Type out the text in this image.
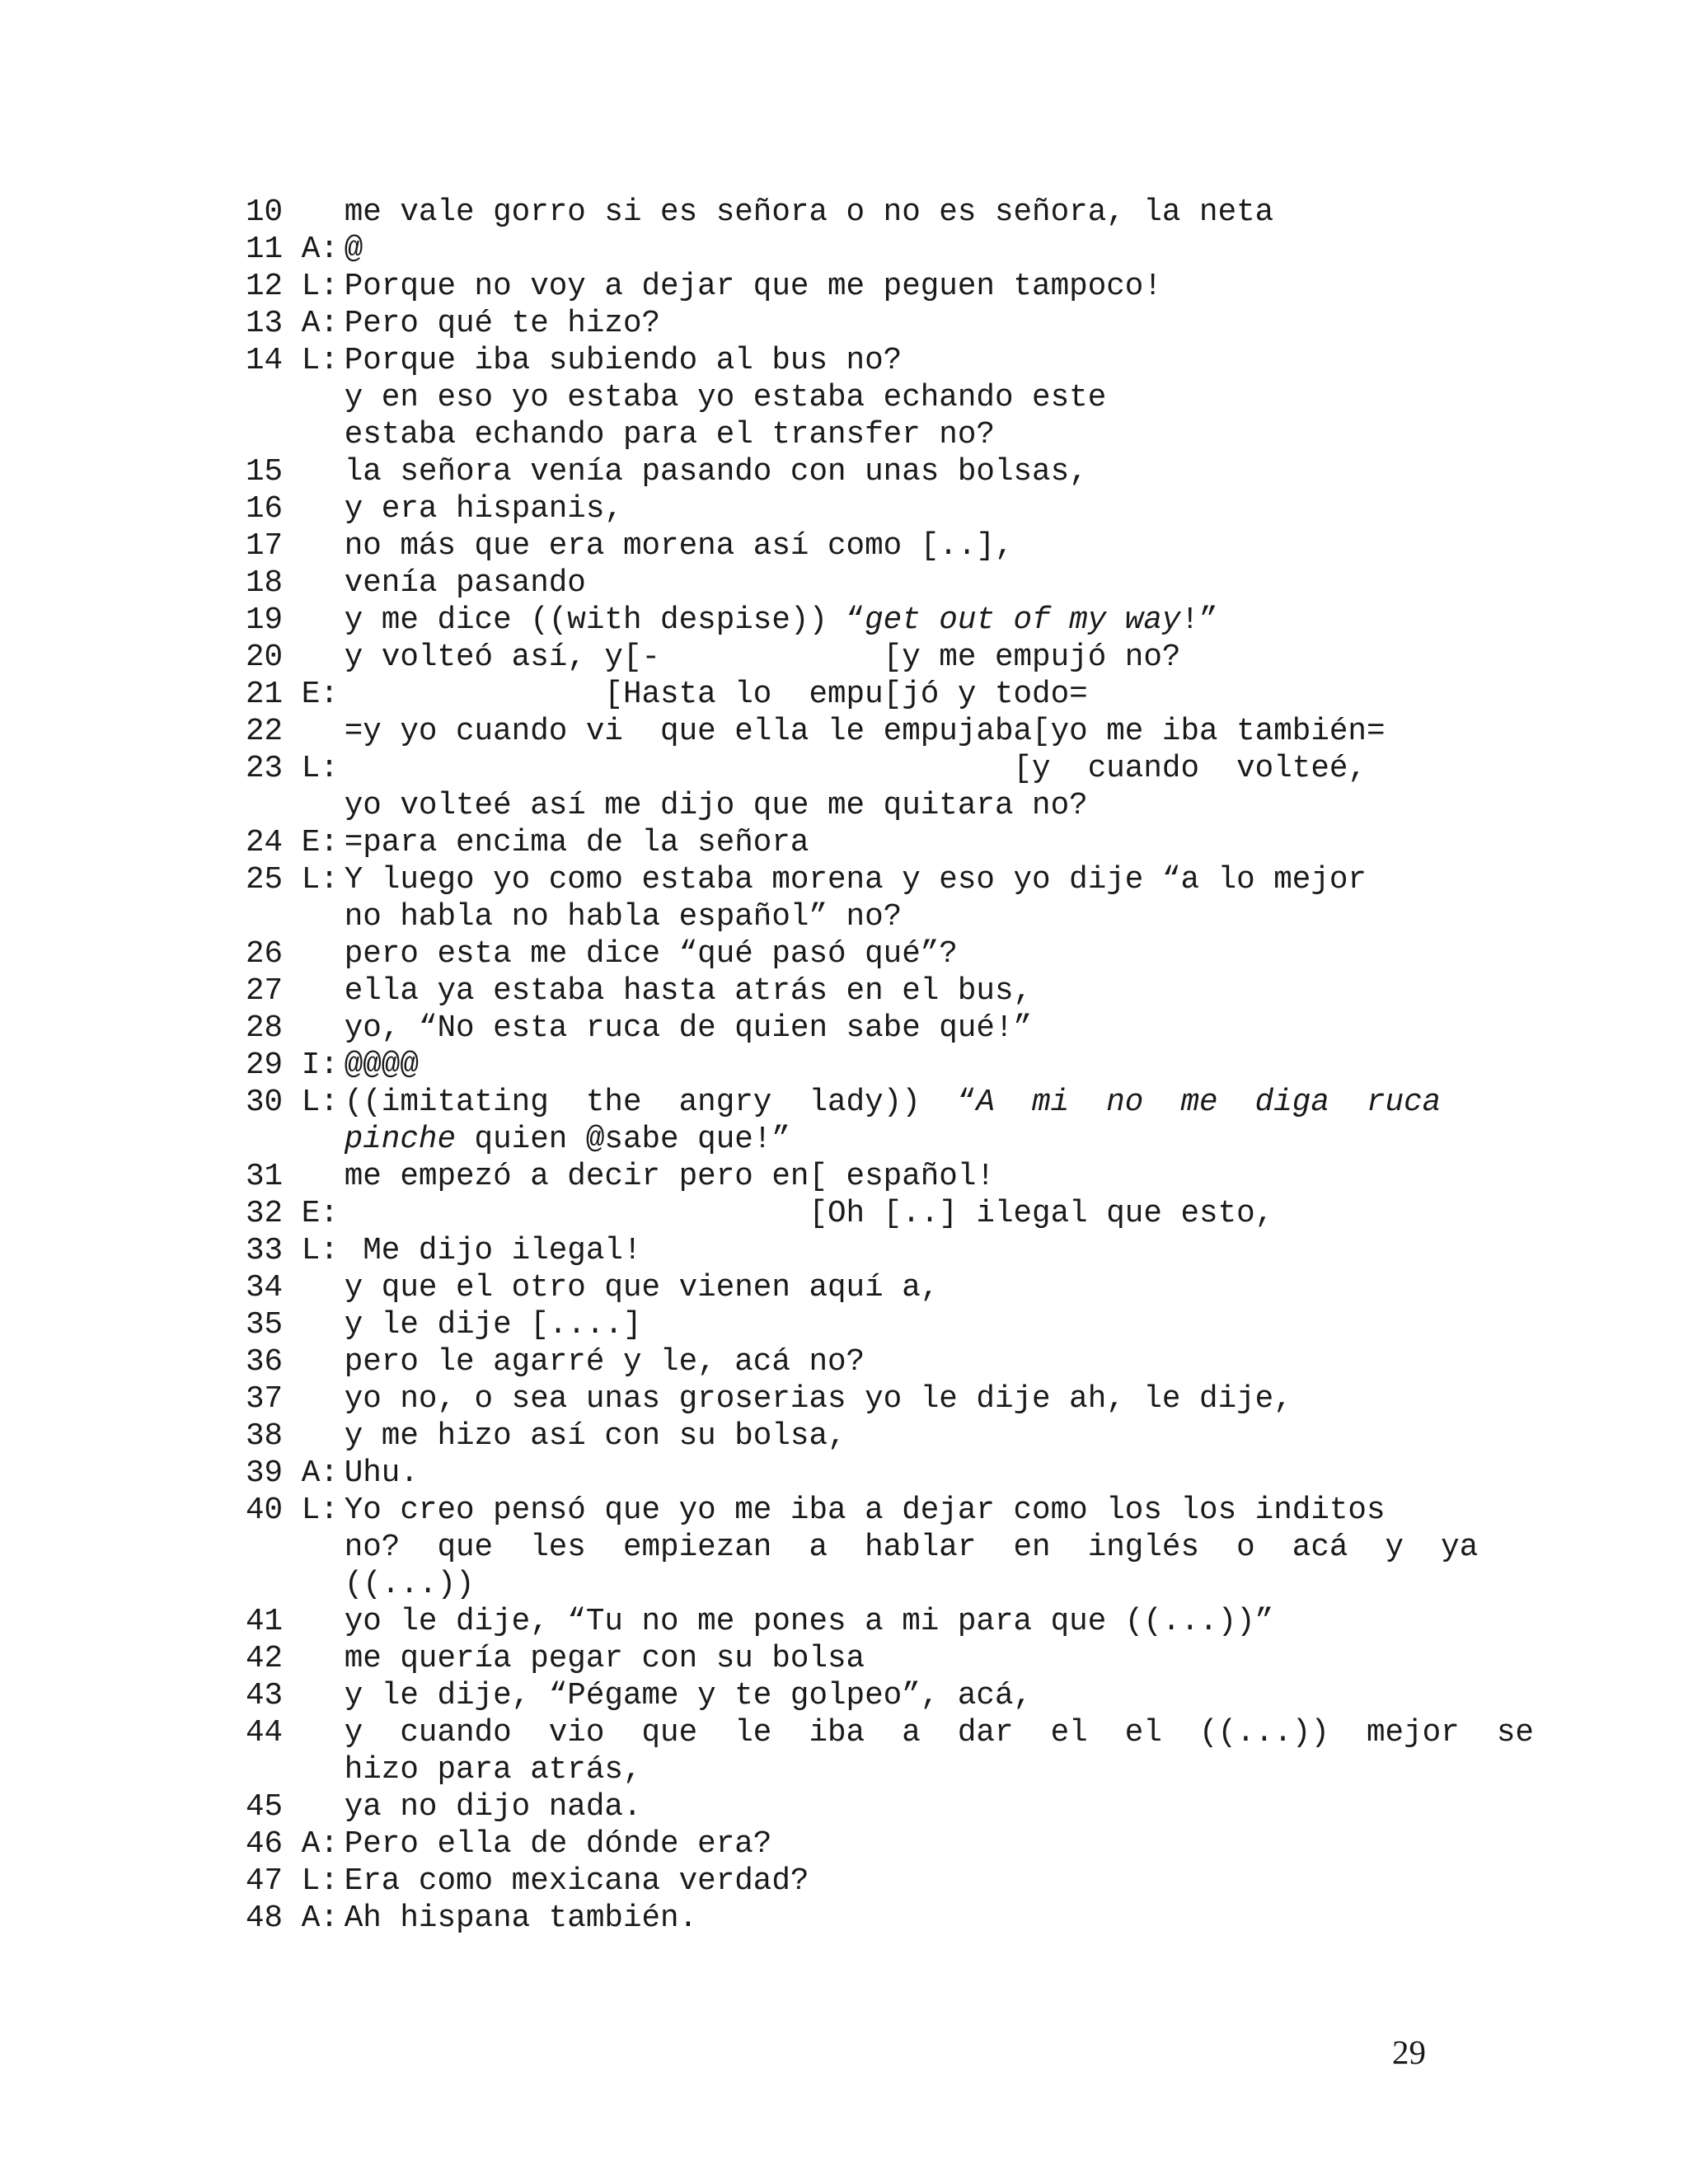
10	me vale gorro si es señora o no es señora, la neta
11 A: @
12 L: Porque no voy a dejar que me peguen tampoco!
13 A: Pero qué te hizo?
14 L: Porque iba subiendo al bus no?
y en eso yo estaba yo estaba echando este
estaba echando para el transfer no?
15	la señora venía pasando con unas bolsas,
16	y era hispanis,
17	no más que era morena así como [..],
18	venía pasando
19	y me dice ((with despise)) “get out of my way!”
20	y volteó así, y[-            [y me empujó no?
21 E: [Hasta lo  empu[jó y todo=
22	=y yo cuando vi  que ella le empujaba[yo me iba también=
23 L: [y  cuando  volteé,
yo volteé así me dijo que me quitara no?
24 E: =para encima de la señora
25 L: Y luego yo como estaba morena y eso yo dije “a lo mejor
no habla no habla español” no?
26	pero esta me dice “qué pasó qué”?
27	ella ya estaba hasta atrás en el bus,
28	yo, “No esta ruca de quien sabe qué!”
29 I: @@@@
30 L: ((imitating  the  angry  lady))  “A  mi  no  me  diga  ruca
pinche quien @sabe que!”
31	me empezó a decir pero en[ español!
32 E: [Oh [..] ilegal que esto,
33 L: Me dijo ilegal!
34	y que el otro que vienen aquí a,
35	y le dije [....]
36	pero le agarré y le, acá no?
37	yo no, o sea unas groserias yo le dije ah, le dije,
38	y me hizo así con su bolsa,
39 A: Uhu.
40 L: Yo creo pensó que yo me iba a dejar como los los inditos
no?  que  les  empiezan  a  hablar  en  inglés  o  acá  y  ya
((...))
41	yo le dije, “Tu no me pones a mi para que ((...))”
42	me quería pegar con su bolsa
43	y le dije, “Pégame y te golpeo”, acá,
44	y  cuando  vio  que  le  iba  a  dar  el  el  ((...))  mejor  se
hizo para atrás,
45	ya no dijo nada.
46 A: Pero ella de dónde era?
47 L: Era como mexicana verdad?
48 A: Ah hispana también.
29
